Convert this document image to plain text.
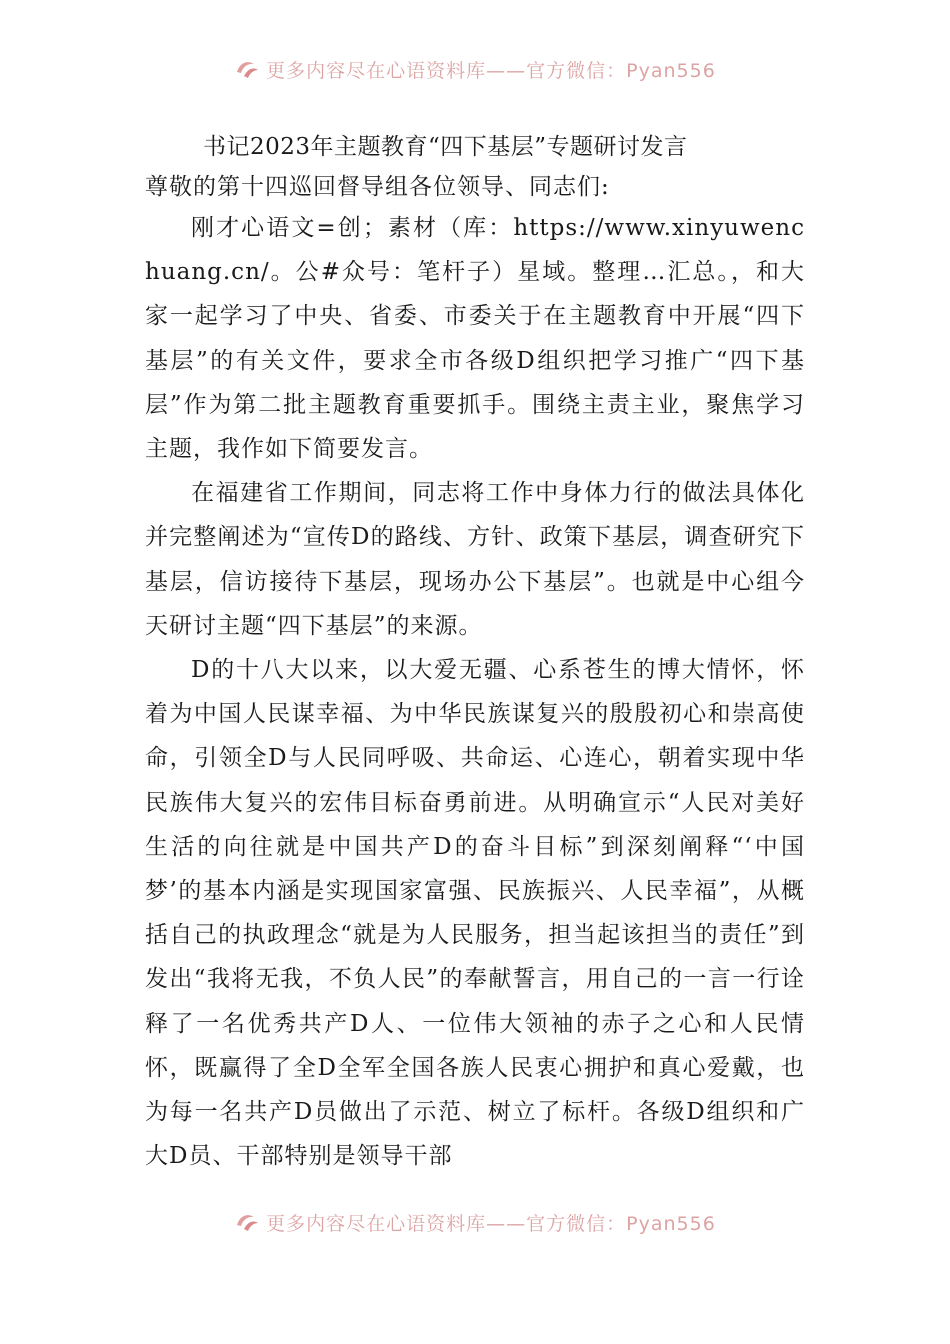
更多内容尽在心语资料库——官方微信：Pyan556

书记2023年主题教育“四下基层”专题研讨发言

尊敬的第十四巡回督导组各位领导、同志们:

刚才心语文=创；素材（库：https://www.xinyuwenchuang.cn/。公#众号：笔杆子）星域。整理…汇总。，和大家一起学习了中央、省委、市委关于在主题教育中开展“四下基层”的有关文件，要求全市各级D组织把学习推广“四下基层”作为第二批主题教育重要抓手。围绕主责主业，聚焦学习主题，我作如下简要发言。

在福建省工作期间，同志将工作中身体力行的做法具体化并完整阐述为“宣传D的路线、方针、政策下基层，调查研究下基层，信访接待下基层，现场办公下基层”。也就是中心组今天研讨主题“四下基层”的来源。

D的十八大以来，以大爱无疆、心系苍生的博大情怀，怀着为中国人民谋幸福、为中华民族谋复兴的殷殷初心和崇高使命，引领全D与人民同呼吸、共命运、心连心，朝着实现中华民族伟大复兴的宏伟目标奋勇前进。从明确宣示“人民对美好生活的向往就是中国共产D的奋斗目标”到深刻阐释“‘中国梦’的基本内涵是实现国家富强、民族振兴、人民幸福”，从概括自己的执政理念“就是为人民服务，担当起该担当的责任”到发出“我将无我，不负人民”的奉献誓言，用自己的一言一行诠释了一名优秀共产D人、一位伟大领袖的赤子之心和人民情怀，既赢得了全D全军全国各族人民衷心拥护和真心爱戴，也为每一名共产D员做出了示范、树立了标杆。各级D组织和广大D员、干部特别是领导干部

更多内容尽在心语资料库——官方微信：Pyan556
